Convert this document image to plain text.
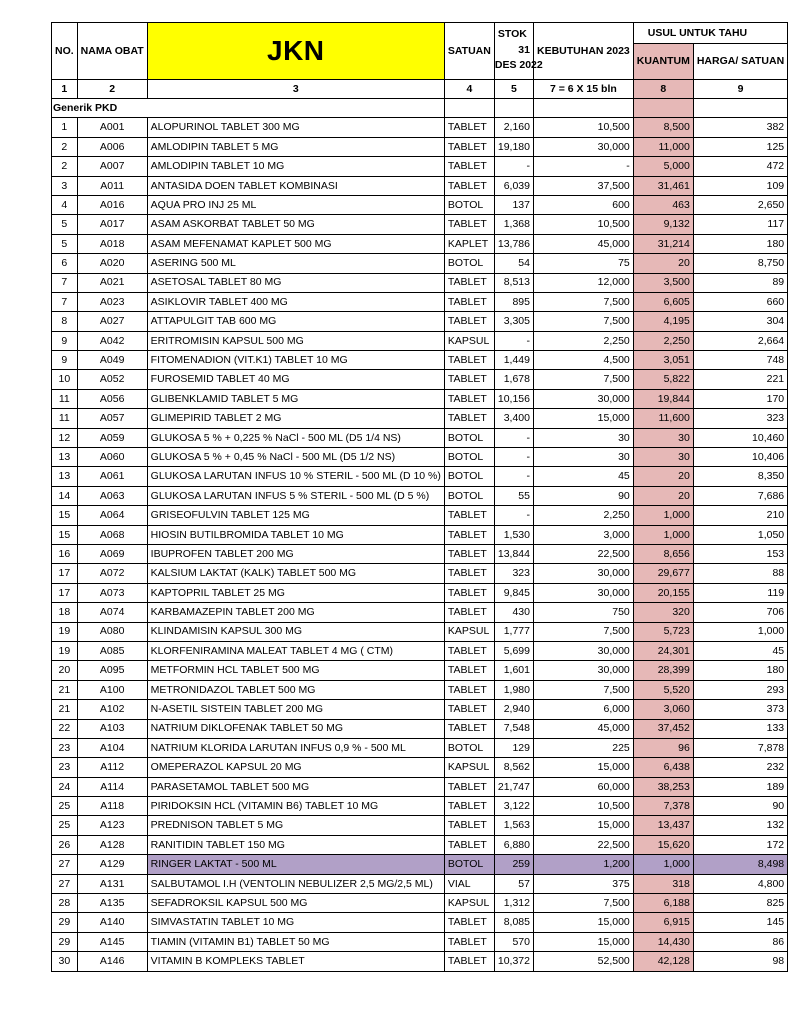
NO.	NAMA OBAT	JKN	SATUAN	STOK
31
DES 2022	KEBUTUHAN 2023	USUL UNTUK TAHU	
						KUANTUM	HARGA/ SATUAN
1	2	3	4	5	7 = 6 X 15 bln	8	9
Generik PKD							
1	A001	ALOPURINOL TABLET 300 MG	TABLET	2,160	10,500	8,500	382
2	A006	AMLODIPIN TABLET 5 MG	TABLET	19,180	30,000	11,000	125
2	A007	AMLODIPIN TABLET 10 MG	TABLET	-	-	5,000	472
3	A011	ANTASIDA DOEN TABLET KOMBINASI	TABLET	6,039	37,500	31,461	109
4	A016	AQUA PRO INJ 25 ML	BOTOL	137	600	463	2,650
5	A017	ASAM ASKORBAT TABLET 50 MG	TABLET	1,368	10,500	9,132	117
5	A018	ASAM MEFENAMAT KAPLET 500 MG	KAPLET	13,786	45,000	31,214	180
6	A020	ASERING 500 ML	BOTOL	54	75	20	8,750
7	A021	ASETOSAL TABLET 80 MG	TABLET	8,513	12,000	3,500	89
7	A023	ASIKLOVIR TABLET 400 MG	TABLET	895	7,500	6,605	660
8	A027	ATTAPULGIT TAB 600 MG	TABLET	3,305	7,500	4,195	304
9	A042	ERITROMISIN KAPSUL 500 MG	KAPSUL	-	2,250	2,250	2,664
9	A049	FITOMENADION (VIT.K1) TABLET 10 MG	TABLET	1,449	4,500	3,051	748
10	A052	FUROSEMID TABLET 40 MG	TABLET	1,678	7,500	5,822	221
11	A056	GLIBENKLAMID TABLET 5 MG	TABLET	10,156	30,000	19,844	170
11	A057	GLIMEPIRID TABLET 2 MG	TABLET	3,400	15,000	11,600	323
12	A059	GLUKOSA 5 % + 0,225 % NaCl - 500 ML (D5 1/4 NS)	BOTOL	-	30	30	10,460
13	A060	GLUKOSA 5 % + 0,45 % NaCl - 500 ML (D5 1/2 NS)	BOTOL	-	30	30	10,406
13	A061	GLUKOSA LARUTAN INFUS 10 % STERIL - 500 ML (D 10 %)	BOTOL	-	45	20	8,350
14	A063	GLUKOSA LARUTAN INFUS 5 % STERIL - 500 ML (D 5 %)	BOTOL	55	90	20	7,686
15	A064	GRISEOFULVIN TABLET 125 MG	TABLET	-	2,250	1,000	210
15	A068	HIOSIN BUTILBROMIDA TABLET 10 MG	TABLET	1,530	3,000	1,000	1,050
16	A069	IBUPROFEN TABLET 200 MG	TABLET	13,844	22,500	8,656	153
17	A072	KALSIUM LAKTAT (KALK) TABLET 500 MG	TABLET	323	30,000	29,677	88
17	A073	KAPTOPRIL TABLET 25 MG	TABLET	9,845	30,000	20,155	119
18	A074	KARBAMAZEPIN TABLET 200 MG	TABLET	430	750	320	706
19	A080	KLINDAMISIN KAPSUL 300 MG	KAPSUL	1,777	7,500	5,723	1,000
19	A085	KLORFENIRAMINA MALEAT TABLET 4 MG ( CTM)	TABLET	5,699	30,000	24,301	45
20	A095	METFORMIN HCL TABLET 500 MG	TABLET	1,601	30,000	28,399	180
21	A100	METRONIDAZOL TABLET 500 MG	TABLET	1,980	7,500	5,520	293
21	A102	N-ASETIL SISTEIN TABLET 200 MG	TABLET	2,940	6,000	3,060	373
22	A103	NATRIUM DIKLOFENAK TABLET 50 MG	TABLET	7,548	45,000	37,452	133
23	A104	NATRIUM KLORIDA LARUTAN INFUS 0,9 % - 500 ML	BOTOL	129	225	96	7,878
23	A112	OMEPERAZOL KAPSUL 20 MG	KAPSUL	8,562	15,000	6,438	232
24	A114	PARASETAMOL TABLET 500 MG	TABLET	21,747	60,000	38,253	189
25	A118	PIRIDOKSIN HCL (VITAMIN B6) TABLET 10 MG	TABLET	3,122	10,500	7,378	90
25	A123	PREDNISON TABLET 5 MG	TABLET	1,563	15,000	13,437	132
26	A128	RANITIDIN TABLET 150 MG	TABLET	6,880	22,500	15,620	172
27	A129	RINGER LAKTAT - 500 ML	BOTOL	259	1,200	1,000	8,498
27	A131	SALBUTAMOL I.H (VENTOLIN NEBULIZER 2,5 MG/2,5 ML)	VIAL	57	375	318	4,800
28	A135	SEFADROKSIL KAPSUL 500 MG	KAPSUL	1,312	7,500	6,188	825
29	A140	SIMVASTATIN TABLET 10 MG	TABLET	8,085	15,000	6,915	145
29	A145	TIAMIN (VITAMIN B1) TABLET 50 MG	TABLET	570	15,000	14,430	86
30	A146	VITAMIN B KOMPLEKS TABLET	TABLET	10,372	52,500	42,128	98
